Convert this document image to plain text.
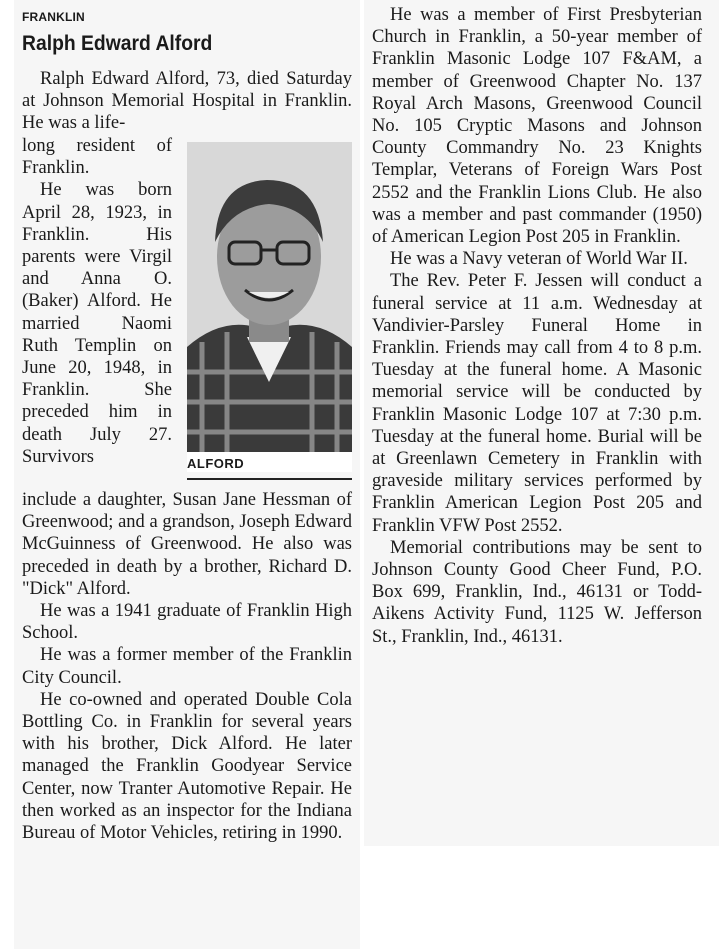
FRANKLIN
Ralph Edward Alford

Ralph Edward Alford, 73, died Saturday at Johnson Memorial Hospital in Franklin. He was a life-

long resident of Franklin.

He was born April 28, 1923, in Franklin. His parents were Virgil and Anna O. (Baker) Alford. He married Naomi Ruth Templin on June 20, 1948, in Franklin. She preceded him in death July 27. Survivors	ALFORD

include a daughter, Susan Jane Hessman of Greenwood; and a grandson, Joseph Edward McGuinness of Greenwood. He also was preceded in death by a brother, Richard D. "Dick" Alford.

He was a 1941 graduate of Franklin High School.

He was a former member of the Franklin City Council.

He co-owned and operated Double Cola Bottling Co. in Franklin for several years with his brother, Dick Alford. He later managed the Franklin Goodyear Service Center, now Tranter Automotive Repair. He then worked as an inspector for the Indiana Bureau of Motor Vehicles, retiring in 1990.

He was a member of First Presbyterian Church in Franklin, a 50-year member of Franklin Masonic Lodge 107 F&AM, a member of Greenwood Chapter No. 137 Royal Arch Masons, Greenwood Council No. 105 Cryptic Masons and Johnson County Commandry No. 23 Knights Templar, Veterans of Foreign Wars Post 2552 and the Franklin Lions Club. He also was a member and past commander (1950) of American Legion Post 205 in Franklin.

He was a Navy veteran of World War II.

The Rev. Peter F. Jessen will conduct a funeral service at 11 a.m. Wednesday at Vandivier-Parsley Funeral Home in Franklin. Friends may call from 4 to 8 p.m. Tuesday at the funeral home. A Masonic memorial service will be conducted by Franklin Masonic Lodge 107 at 7:30 p.m. Tuesday at the funeral home. Burial will be at Greenlawn Cemetery in Franklin with graveside military services performed by Franklin American Legion Post 205 and Franklin VFW Post 2552.

Memorial contributions may be sent to Johnson County Good Cheer Fund, P.O. Box 699, Franklin, Ind., 46131 or Todd-Aikens Activity Fund, 1125 W. Jefferson St., Franklin, Ind., 46131.
